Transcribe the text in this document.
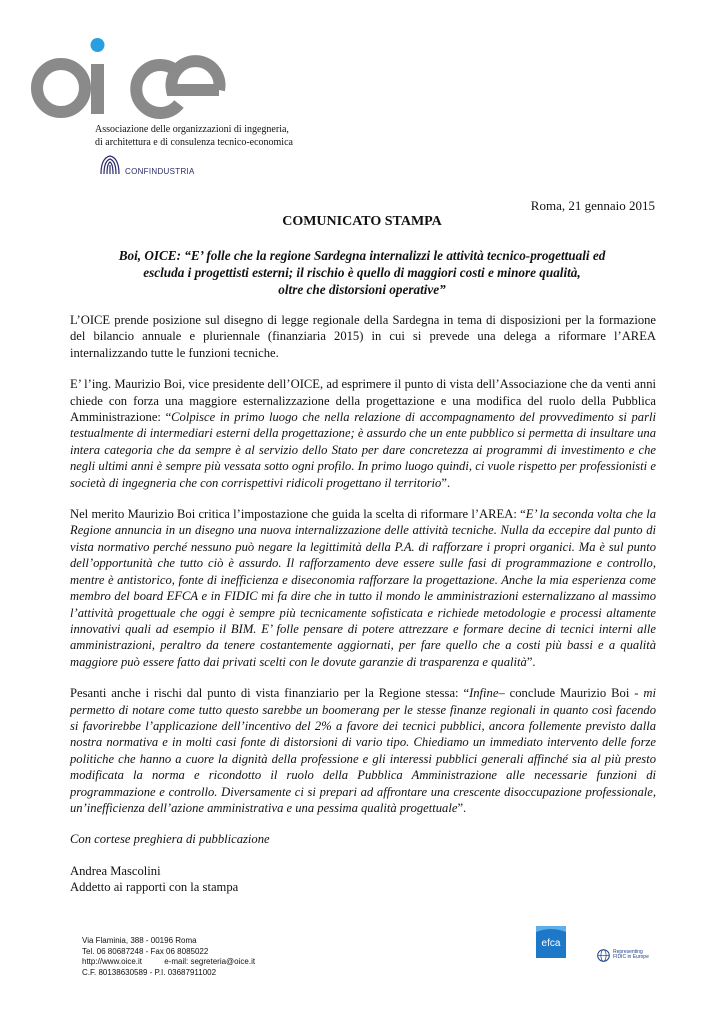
oice
Associazione delle organizzazioni di ingegneria,
di architettura e di consulenza tecnico-economica
CONFINDUSTRIA
Roma, 21 gennaio 2015
COMUNICATO STAMPA
Boi, OICE: “E’ folle che la regione Sardegna internalizzi le attività tecnico-progettuali ed
escluda i progettisti esterni; il rischio è quello di maggiori costi e minore qualità,
oltre che distorsioni operative”

L’OICE prende posizione sul disegno di legge regionale della Sardegna in tema di disposizioni per la formazione del bilancio annuale e pluriennale (finanziaria 2015) in cui si prevede una delega a riformare l’AREA internalizzando tutte le funzioni tecniche.

E’ l’ing. Maurizio Boi, vice presidente dell’OICE, ad esprimere il punto di vista dell’Associazione che da venti anni chiede con forza una maggiore esternalizzazione della progettazione e una modifica del ruolo della Pubblica Amministrazione: “Colpisce in primo luogo che nella relazione di accompagnamento del provvedimento si parli testualmente di intermediari esterni della progettazione; è assurdo che un ente pubblico si permetta di insultare una intera categoria che da sempre è al servizio dello Stato per dare concretezza ai programmi di investimento e che negli ultimi anni è sempre più vessata sotto ogni profilo. In primo luogo quindi, ci vuole rispetto per professionisti e società di ingegneria che con corrispettivi ridicoli progettano il territorio”.

Nel merito Maurizio Boi critica l’impostazione che guida la scelta di riformare l’AREA: “E’ la seconda volta che la Regione annuncia in un disegno una nuova internalizzazione delle attività tecniche. Nulla da eccepire dal punto di vista normativo perché nessuno può negare la legittimità della P.A. di rafforzare i propri organici. Ma è sul punto dell’opportunità che tutto ciò è assurdo. Il rafforzamento deve essere sulle fasi di programmazione e controllo, mentre è antistorico, fonte di inefficienza e diseconomia rafforzare la progettazione. Anche la mia esperienza come membro del board EFCA e in FIDIC mi fa dire che in tutto il mondo le amministrazioni esternalizzano al massimo l’attività progettuale che oggi è sempre più tecnicamente sofisticata e richiede metodologie e processi altamente innovativi quali ad esempio il BIM. E’ folle pensare di potere attrezzare e formare decine di tecnici interni alle amministrazioni, peraltro da tenere costantemente aggiornati, per fare quello che a costi più bassi e a qualità maggiore può essere fatto dai privati scelti con le dovute garanzie di trasparenza e qualità”.

Pesanti anche i rischi dal punto di vista finanziario per la Regione stessa: “Infine– conclude Maurizio Boi - mi permetto di notare come tutto questo sarebbe un boomerang per le stesse finanze regionali in quanto così facendo si favorirebbe l’applicazione dell’incentivo del 2% a favore dei tecnici pubblici, ancora follemente previsto dalla nostra normativa e in molti casi fonte di distorsioni di vario tipo. Chiediamo un immediato intervento delle forze politiche che hanno a cuore la dignità della professione e gli interessi pubblici generali affinché sia al più presto modificata la norma e ricondotto il ruolo della Pubblica Amministrazione alle necessarie funzioni di programmazione e controllo. Diversamente ci si prepari ad affrontare una crescente disoccupazione professionale, un’inefficienza dell’azione amministrativa e una pessima qualità progettuale”.

Con cortese preghiera di pubblicazione

Andrea Mascolini
Addetto ai rapporti con la stampa
Via Flaminia, 388 - 00196 Roma
Tel. 06 80687248 - Fax 06 8085022
http://www.oice.it          e-mail: segreteria@oice.it
C.F. 80138630589 - P.I. 03687911002
efca
Representing
FIDIC in Europe
